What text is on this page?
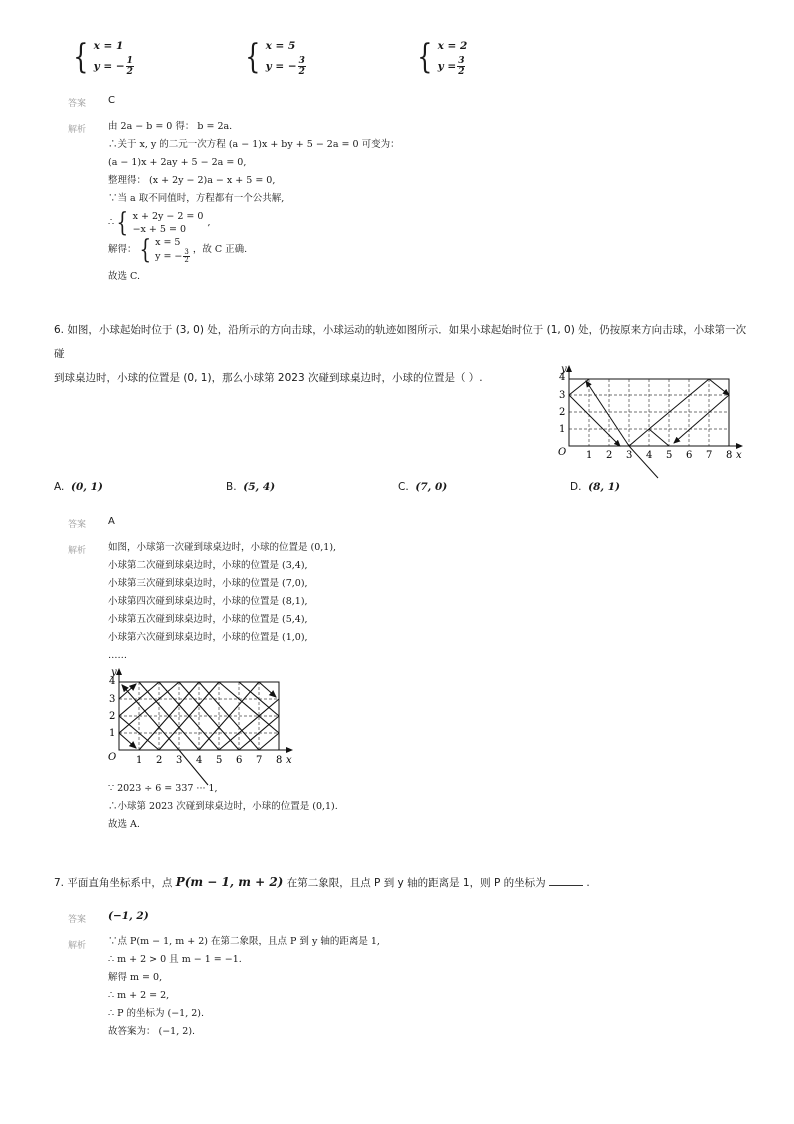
{ x = 1
y = − $\frac{1}{2}$	{ x = 5
y = − $\frac{3}{2}$	{ x = 2
$y = \frac{3}{2}$
答案 C
解析 由 2a − b = 0 得： b = 2a.
∴关于 x, y 的二元一次方程 (a − 1)x + by + 5 − 2a = 0 可变为：
(a − 1)x + 2ay + 5 − 2a = 0,
整理得： (x + 2y − 2)a − x + 5 = 0,
∵当 a 取不同值时，方程都有一个公共解,
∴ { x + 2y − 2 = 0
−x + 5 = 0
,
解得： { x = 5
y = − $\frac{3}{2}$ ，故 C 正确.
故选 C.
6. 如图，小球起始时位于 (3, 0) 处，沿所示的方向击球，小球运动的轨迹如图所示．如果小球起始时位于 (1, 0) 处，仍按原来方向击球，小球第一次碰
到球桌边时，小球的位置是 (0, 1)，那么小球第 2023 次碰到球桌边时，小球的位置是（ ）.	4
3
2
1
y
O 1 2 3 4 5 6 7 8 x
A. (0, 1)	B. (5, 4)	C. (7, 0)	D. (8, 1)
答案 A
解析 如图，小球第一次碰到球桌边时，小球的位置是 (0,1),
小球第二次碰到球桌边时，小球的位置是 (3,4),
小球第三次碰到球桌边时，小球的位置是 (7,0),
小球第四次碰到球桌边时，小球的位置是 (8,1),
小球第五次碰到球桌边时，小球的位置是 (5,4),
小球第六次碰到球桌边时，小球的位置是 (1,0),
……
4
3
2
1
y
O 1 2 3 4 5 6 7 8 x
∵ 2023 ÷ 6 = 337 ··· 1,
∴小球第 2023 次碰到球桌边时，小球的位置是 (0,1).
故选 A.
7. 平面直角坐标系中，点 P(m − 1, m + 2) 在第二象限，且点 P 到 y 轴的距离是 1，则 P 的坐标为	.
答案 (−1, 2)
解析 ∵点 P(m − 1, m + 2) 在第二象限，且点 P 到 y 轴的距离是 1,
∴ m + 2 > 0 且 m − 1 = −1.
解得 m = 0,
∴ m + 2 = 2,
∴ P 的坐标为 (−1, 2).
故答案为： (−1, 2).
